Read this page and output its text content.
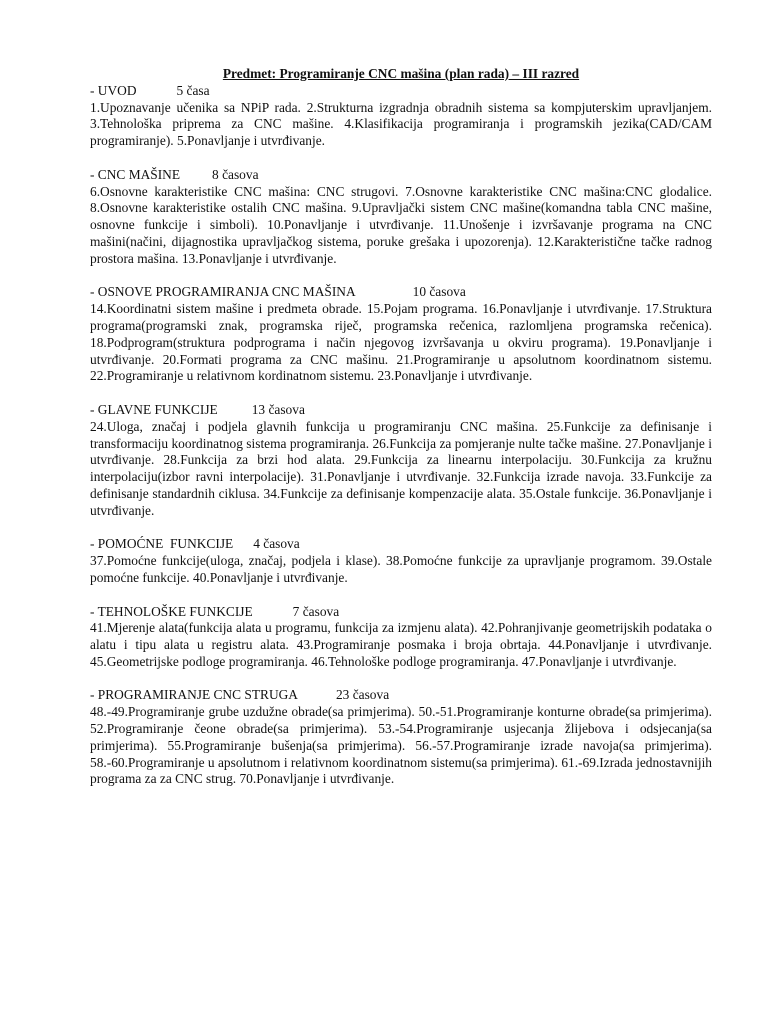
Predmet: Programiranje CNC mašina (plan rada) – III razred

- UVOD	5 časa

1.Upoznavanje učenika sa NPiP rada. 2.Strukturna izgradnja obradnih sistema sa kompjuterskim upravljanjem. 3.Tehnološka priprema za CNC mašine. 4.Klasifikacija programiranja i programskih jezika(CAD/CAM programiranje). 5.Ponavljanje i utvrđivanje.

- CNC MAŠINE 8 časova

6.Osnovne karakteristike CNC mašina: CNC strugovi. 7.Osnovne karakteristike CNC mašina:CNC glodalice. 8.Osnovne karakteristike ostalih CNC mašina. 9.Upravljački sistem CNC mašine(komandna tabla CNC mašine, osnovne funkcije i simboli). 10.Ponavljanje i utvrđivanje. 11.Unošenje i izvršavanje programa na CNC mašini(načini, dijagnostika upravljačkog sistema, poruke grešaka i upozorenja). 12.Karakteristične tačke radnog prostora mašina. 13.Ponavljanje i utvrđivanje.

- OSNOVE PROGRAMIRANJA CNC MAŠINA	10 časova

14.Koordinatni sistem mašine i predmeta obrade. 15.Pojam programa. 16.Ponavljanje i utvrđivanje. 17.Struktura programa(programski znak, programska riječ, programska rečenica, razlomljena programska rečenica). 18.Podprogram(struktura podprograma i način njegovog izvršavanja u okviru programa). 19.Ponavljanje i utvrđivanje. 20.Formati programa za CNC mašinu. 21.Programiranje u apsolutnom koordinatnom sistemu. 22.Programiranje u relativnom kordinatnom sistemu. 23.Ponavljanje i utvrđivanje.

- GLAVNE FUNKCIJE	13 časova

24.Uloga, značaj i podjela glavnih funkcija u programiranju CNC mašina. 25.Funkcije za definisanje i transformaciju koordinatnog sistema programiranja. 26.Funkcija za pomjeranje nulte tačke mašine. 27.Ponavljanje i utvrđivanje. 28.Funkcija za brzi hod alata. 29.Funkcija za linearnu interpolaciju. 30.Funkcija za kružnu interpolaciju(izbor ravni interpolacije). 31.Ponavljanje i utvrđivanje. 32.Funkcija izrade navoja. 33.Funkcije za definisanje standardnih ciklusa. 34.Funkcije za definisanje kompenzacije alata. 35.Ostale funkcije. 36.Ponavljanje i utvrđivanje.

- POMOĆNE  FUNKCIJE 4 časova

37.Pomoćne funkcije(uloga, značaj, podjela i klase). 38.Pomoćne funkcije za upravljanje programom. 39.Ostale pomoćne funkcije. 40.Ponavljanje i utvrđivanje.

- TEHNOLOŠKE FUNKCIJE	7 časova

41.Mjerenje alata(funkcija alata u programu, funkcija za izmjenu alata). 42.Pohranjivanje geometrijskih podataka o alatu i tipu alata u registru alata. 43.Programiranje posmaka i broja obrtaja. 44.Ponavljanje i utvrđivanje. 45.Geometrijske podloge programiranja. 46.Tehnološke podloge programiranja. 47.Ponavljanje i utvrđivanje.

- PROGRAMIRANJE CNC STRUGA	23 časova

48.-49.Programiranje grube uzdužne obrade(sa primjerima). 50.-51.Programiranje konturne obrade(sa primjerima). 52.Programiranje čeone obrade(sa primjerima). 53.-54.Programiranje usjecanja žlijebova i odsjecanja(sa primjerima). 55.Programiranje bušenja(sa primjerima). 56.-57.Programiranje izrade navoja(sa primjerima). 58.-60.Programiranje u apsolutnom i relativnom koordinatnom sistemu(sa primjerima). 61.-69.Izrada jednostavnijih programa za za CNC strug. 70.Ponavljanje i utvrđivanje.
